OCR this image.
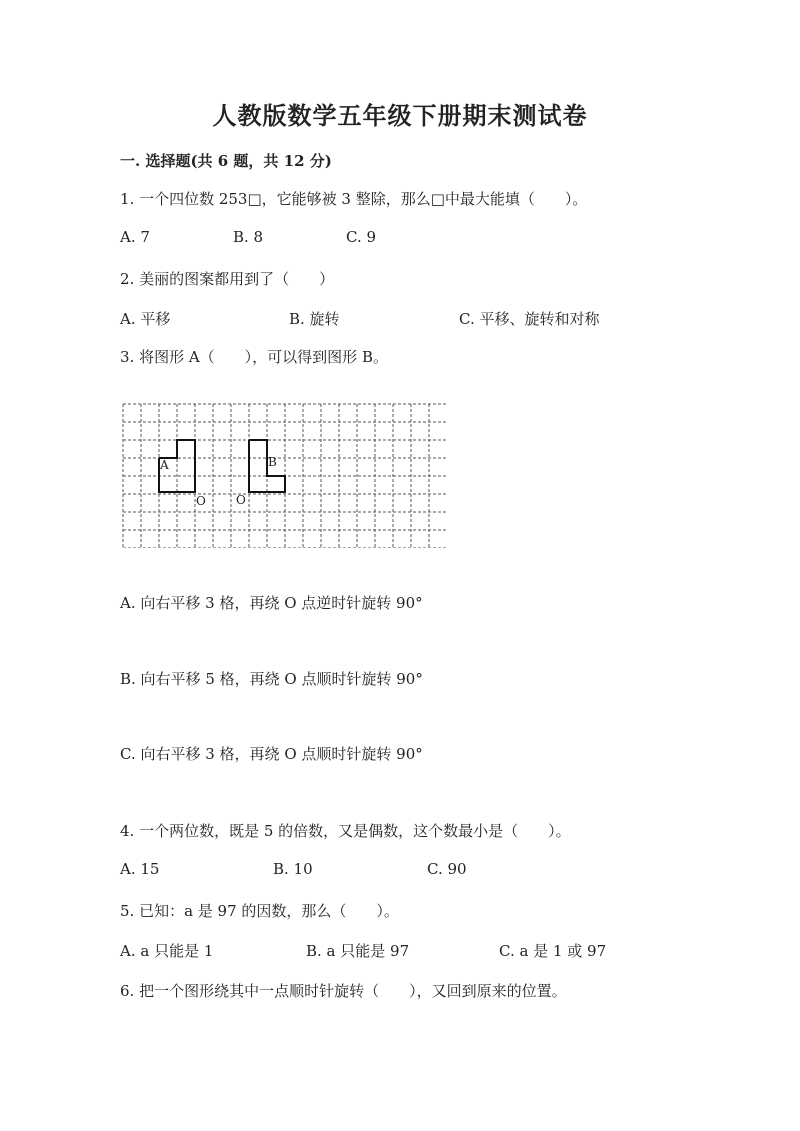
人教版数学五年级下册期末测试卷
一. 选择题(共 6 题，共 12 分)
1. 一个四位数 253□，它能够被 3 整除，那么□中最大能填（　　）。
A. 7	B. 8	C. 9
2. 美丽的图案都用到了（　　）
A. 平移	B. 旋转	C. 平移、旋转和对称
3. 将图形 A（　　），可以得到图形 B。
A	B
O	O
A. 向右平移 3 格，再绕 O 点逆时针旋转 90°
B. 向右平移 5 格，再绕 O 点顺时针旋转 90°
C. 向右平移 3 格，再绕 O 点顺时针旋转 90°
4. 一个两位数，既是 5 的倍数，又是偶数，这个数最小是（　　）。
A. 15	B. 10	C. 90
5. 已知：a 是 97 的因数，那么（　　）。
A. a 只能是 1	B. a 只能是 97	C. a 是 1 或 97
6. 把一个图形绕其中一点顺时针旋转（　　），又回到原来的位置。
